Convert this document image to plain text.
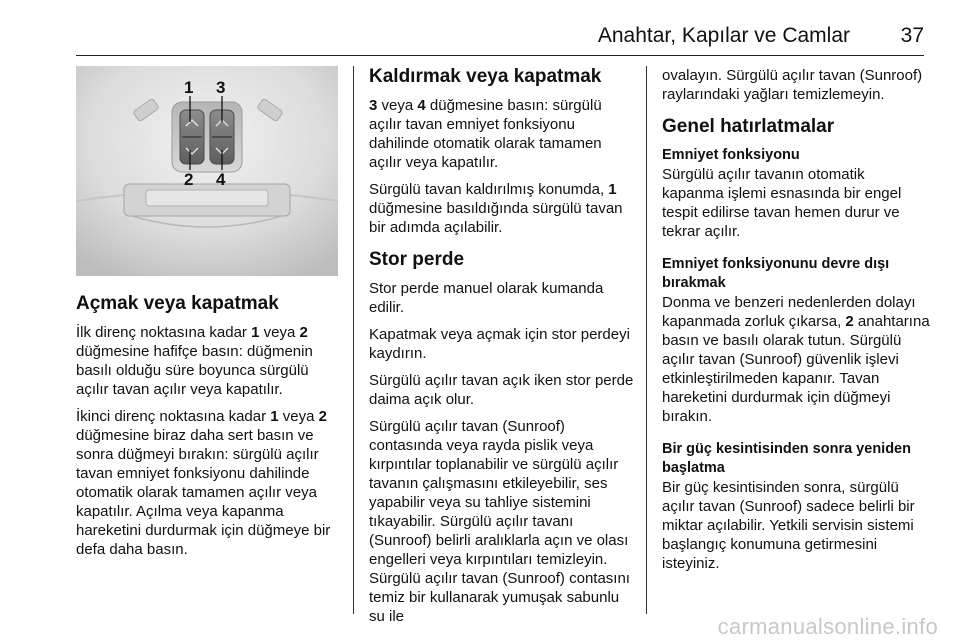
Anahtar, Kapılar ve Camlar 37
1 3
2 4
Açmak veya kapatmak

İlk direnç noktasına kadar 1 veya 2 düğmesine hafifçe basın: düğmenin basılı olduğu süre boyunca sürgülü açılır tavan açılır veya kapatılır.

İkinci direnç noktasına kadar 1 veya 2 düğmesine biraz daha sert basın ve sonra düğmeyi bırakın: sürgülü açılır tavan emniyet fonksiyonu dahilinde otomatik olarak tamamen açılır veya kapatılır. Açılma veya kapanma hareketini durdurmak için düğmeye bir defa daha basın.

Kaldırmak veya kapatmak

3 veya 4 düğmesine basın: sürgülü açılır tavan emniyet fonksiyonu dahilinde otomatik olarak tamamen açılır veya kapatılır.

Sürgülü tavan kaldırılmış konumda, 1 düğmesine basıldığında sürgülü tavan bir adımda açılabilir.

Stor perde

Stor perde manuel olarak kumanda edilir.

Kapatmak veya açmak için stor perdeyi kaydırın.

Sürgülü açılır tavan açık iken stor perde daima açık olur.

Sürgülü açılır tavan (Sunroof) contasında veya rayda pislik veya kırpıntılar toplanabilir ve sürgülü açılır tavanın çalışmasını etkileyebilir, ses yapabilir veya su tahliye sistemini tıkayabilir. Sürgülü açılır tavanı (Sunroof) belirli aralıklarla açın ve olası engelleri veya kırpıntıları temizleyin. Sürgülü açılır tavan (Sunroof) contasını temiz bir kullanarak yumuşak sabunlu su ile

ovalayın. Sürgülü açılır tavan (Sunroof) raylarındaki yağları temizlemeyin.

Genel hatırlatmalar
Emniyet fonksiyonu

Sürgülü açılır tavanın otomatik kapanma işlemi esnasında bir engel tespit edilirse tavan hemen durur ve tekrar açılır.

Emniyet fonksiyonunu devre dışı bırakmak

Donma ve benzeri nedenlerden dolayı kapanmada zorluk çıkarsa, 2 anahtarına basın ve basılı olarak tutun. Sürgülü açılır tavan (Sunroof) güvenlik işlevi etkinleştirilmeden kapanır. Tavan hareketini durdurmak için düğmeyi bırakın.

Bir güç kesintisinden sonra yeniden başlatma

Bir güç kesintisinden sonra, sürgülü açılır tavan (Sunroof) sadece belirli bir miktar açılabilir. Yetkili servisin sistemi başlangıç konumuna getirmesini isteyiniz.

carmanualsonline.info
